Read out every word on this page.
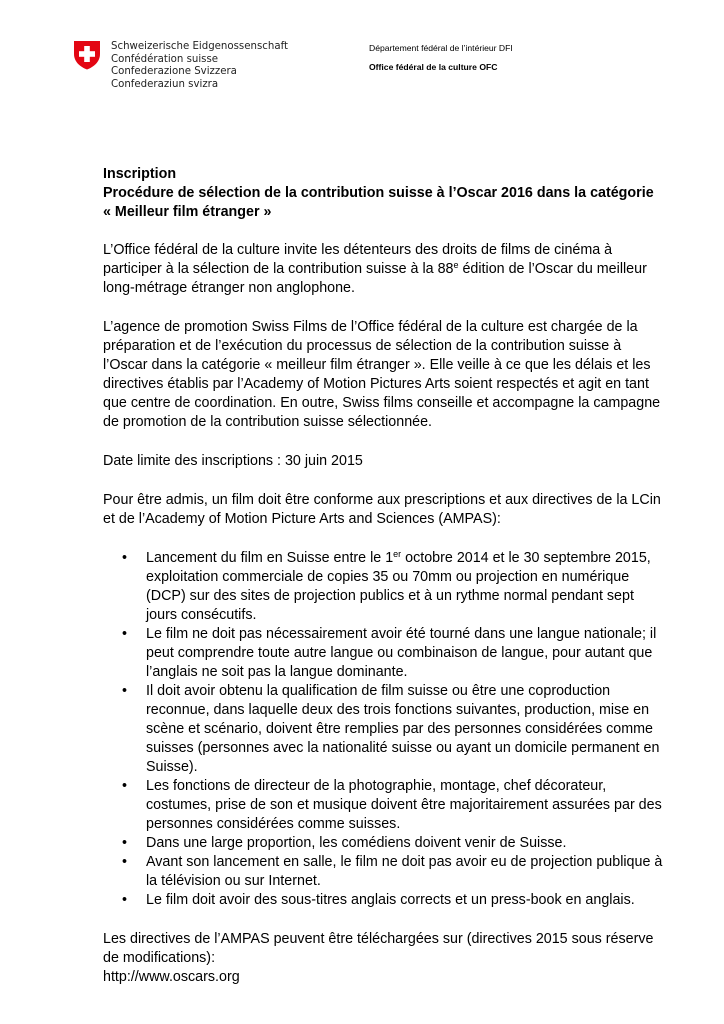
Schweizerische Eidgenossenschaft
Confédération suisse
Confederazione Svizzera
Confederaziun svizra
Département fédéral de l’intérieur DFI
Office fédéral de la culture OFC
Inscription
Procédure de sélection de la contribution suisse à l’Oscar 2016 dans la catégorie
« Meilleur film étranger »

L’Office fédéral de la culture invite les détenteurs des droits de films de cinéma à participer à la sélection de la contribution suisse à la 88e édition de l’Oscar du meilleur long-métrage étranger non anglophone.

L’agence de promotion Swiss Films de l’Office fédéral de la culture est chargée de la préparation et de l’exécution du processus de sélection de la contribution suisse à l’Oscar dans la catégorie « meilleur film étranger ». Elle veille à ce que les délais et les directives établis par l’Academy of Motion Pictures Arts soient respectés et agit en tant que centre de coordination. En outre, Swiss films conseille et accompagne la campagne de promotion de la contribution suisse sélectionnée.

Date limite des inscriptions : 30 juin 2015

Pour être admis, un film doit être conforme aux prescriptions et aux directives de la LCin et de l’Academy of Motion Picture Arts and Sciences (AMPAS):

• Lancement du film en Suisse entre le 1er octobre 2014 et le 30 septembre 2015, exploitation commerciale de copies 35 ou 70mm ou projection en numérique (DCP) sur des sites de projection publics et à un rythme normal pendant sept jours consécutifs.
• Le film ne doit pas nécessairement avoir été tourné dans une langue nationale; il peut comprendre toute autre langue ou combinaison de langue, pour autant que l’anglais ne soit pas la langue dominante.
• Il doit avoir obtenu la qualification de film suisse ou être une coproduction reconnue, dans laquelle deux des trois fonctions suivantes, production, mise en scène et scénario, doivent être remplies par des personnes considérées comme suisses (personnes avec la nationalité suisse ou ayant un domicile permanent en Suisse).
• Les fonctions de directeur de la photographie, montage, chef décorateur, costumes, prise de son et musique doivent être majoritairement assurées par des personnes considérées comme suisses.
• Dans une large proportion, les comédiens doivent venir de Suisse.
• Avant son lancement en salle, le film ne doit pas avoir eu de projection publique à la télévision ou sur Internet.
• Le film doit avoir des sous-titres anglais corrects et un press-book en anglais.

Les directives de l’AMPAS peuvent être téléchargées sur (directives 2015 sous réserve de modifications):
http://www.oscars.org
